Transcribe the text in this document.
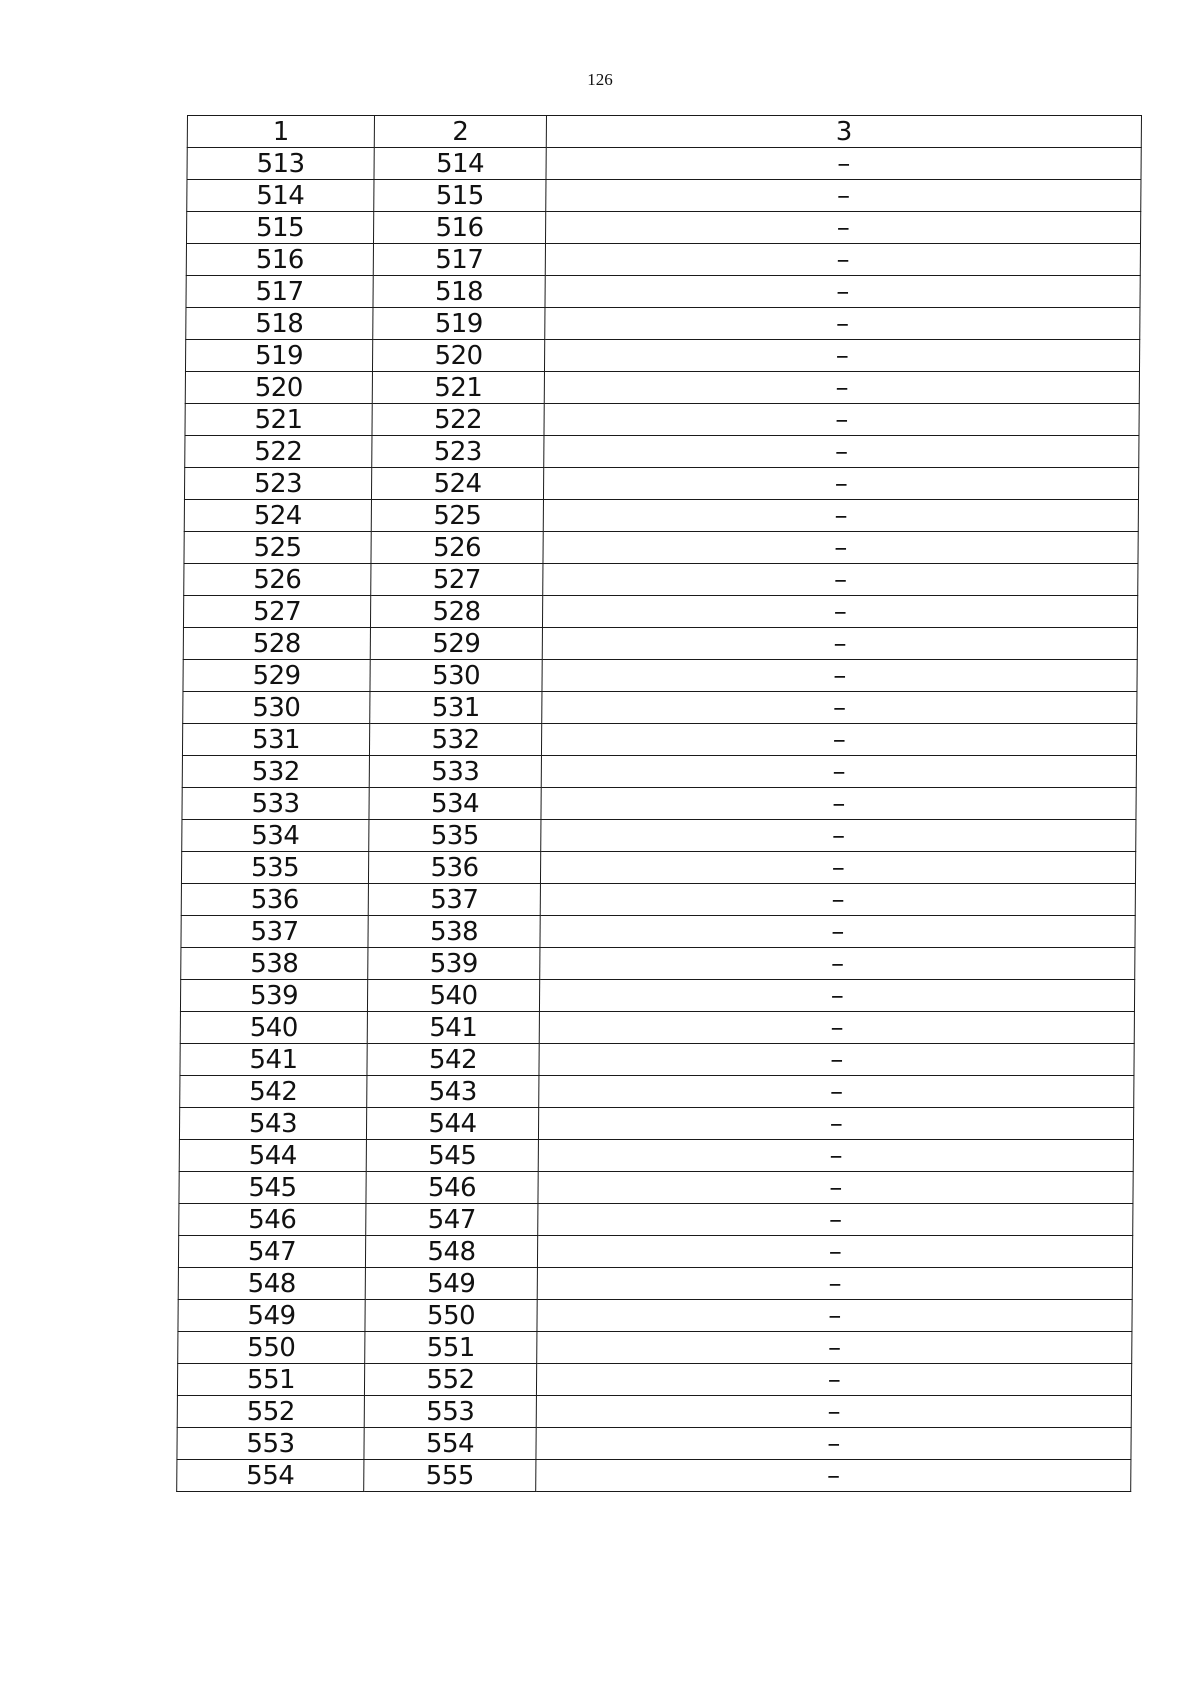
126
1	2	3
513	514	–
514	515	–
515	516	–
516	517	–
517	518	–
518	519	–
519	520	–
520	521	–
521	522	–
522	523	–
523	524	–
524	525	–
525	526	–
526	527	–
527	528	–
528	529	–
529	530	–
530	531	–
531	532	–
532	533	–
533	534	–
534	535	–
535	536	–
536	537	–
537	538	–
538	539	–
539	540	–
540	541	–
541	542	–
542	543	–
543	544	–
544	545	–
545	546	–
546	547	–
547	548	–
548	549	–
549	550	–
550	551	–
551	552	–
552	553	–
553	554	–
554	555	–
